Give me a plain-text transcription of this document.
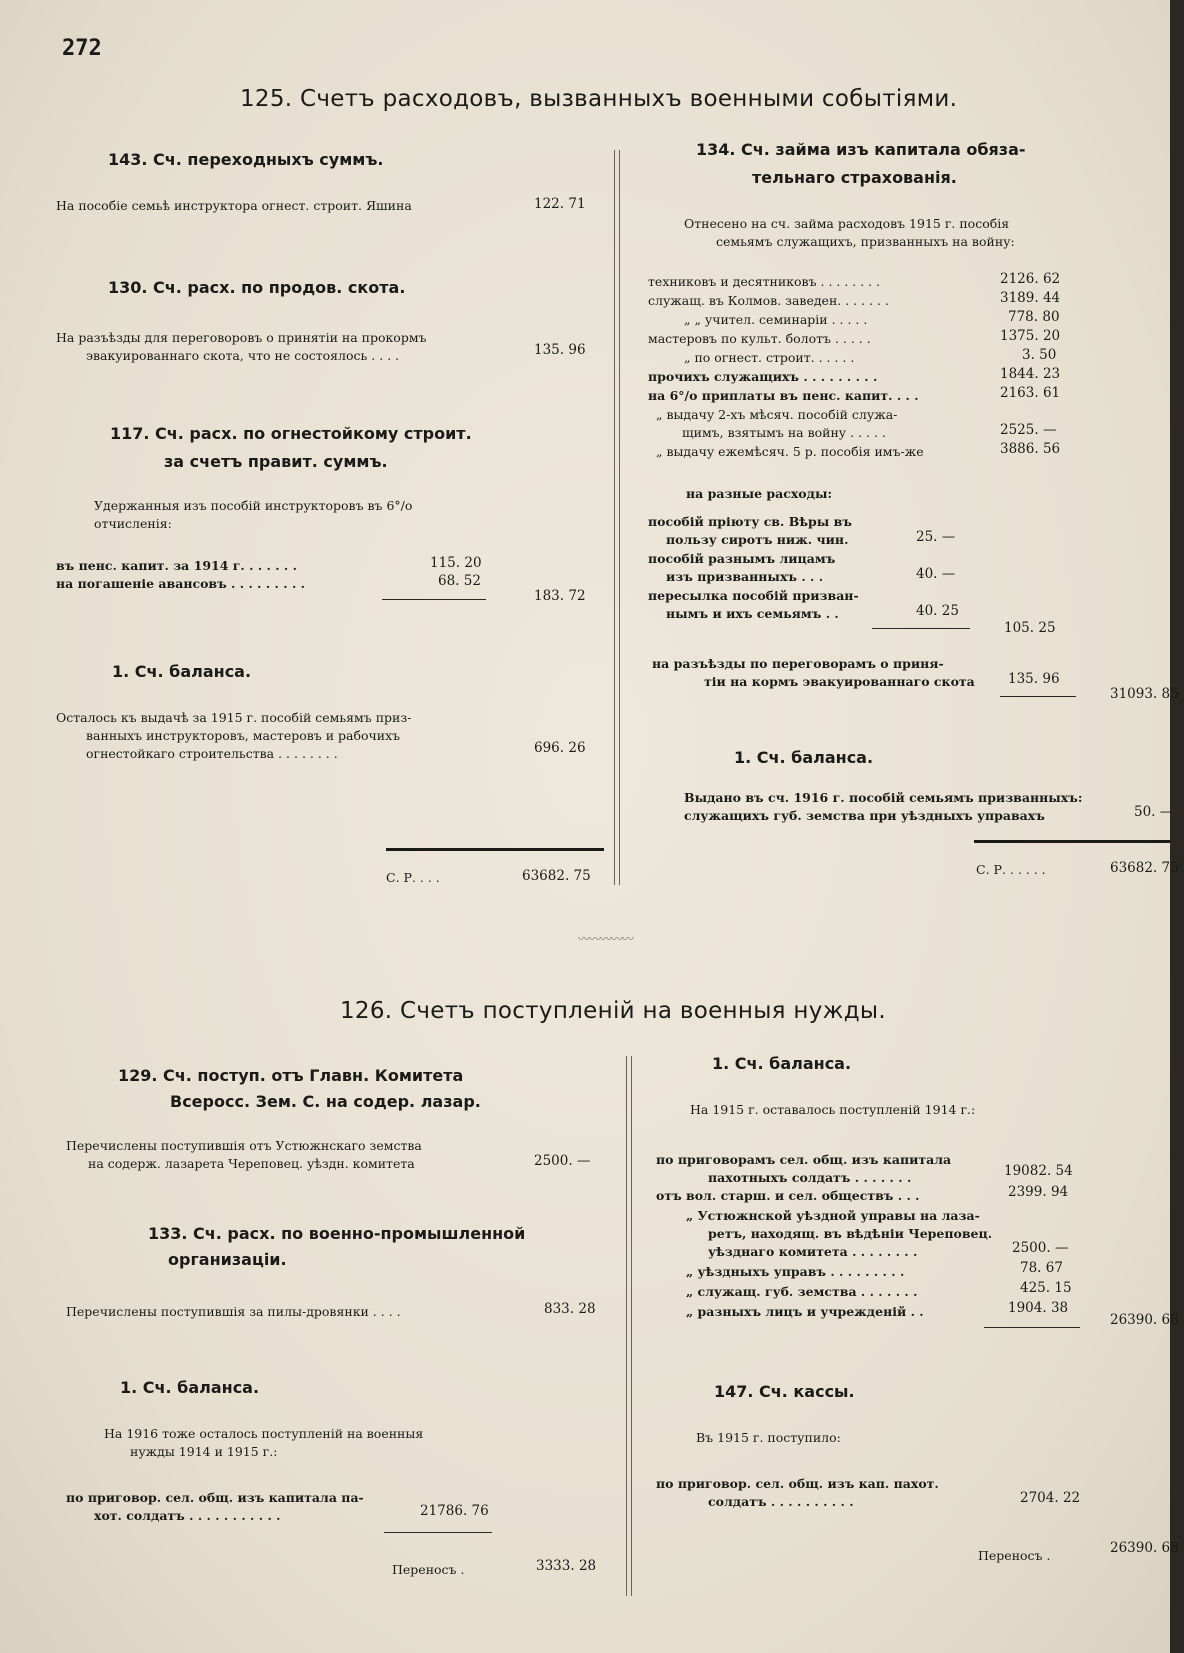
272
125. Счетъ расходовъ, вызванныхъ военными событіями.
143. Сч. переходныхъ суммъ.
На пособіе семьѣ инструктора огнест. строит. Яшина	122. 71
130. Сч. расх. по продов. скота.
На разъѣзды для переговоровъ о принятіи на прокормъ
эвакуированнаго скота, что не состоялось . . . .	135. 96
117. Сч. расх. по огнестойкому строит.
за счетъ правит. суммъ.
Удержанныя изъ пособій инструкторовъ въ 6°/о
отчисленія:
въ пенс. капит. за 1914 г. . . . . . .	115. 20
на погашеніе авансовъ . . . . . . . . .	68. 52
183. 72
1. Сч. баланса.
Осталось къ выдачѣ за 1915 г. пособій семьямъ приз-
ванныхъ инструкторовъ, мастеровъ и рабочихъ
огнестойкаго строительства . . . . . . . .	696. 26
С. Р. . . .	63682. 75
134. Сч. займа изъ капитала обяза-
тельнаго страхованія.
Отнесено на сч. займа расходовъ 1915 г. пособія
семьямъ служащихъ, призванныхъ на войну:
техниковъ и десятниковъ . . . . . . . .	2126. 62
служащ. въ Колмов. заведен. . . . . . .	3189. 44
„ „ учител. семинаріи . . . . .	778. 80
мастеровъ по культ. болотъ . . . . .	1375. 20
„ по огнест. строит. . . . . .	3. 50
прочихъ служащихъ . . . . . . . . .	1844. 23
на 6°/о приплаты въ пенс. капит. . . .	2163. 61
„ выдачу 2-хъ мѣсяч. пособій служа-
щимъ, взятымъ на войну . . . . .	2525. —
„ выдачу ежемѣсяч. 5 р. пособія имъ-же	3886. 56
на разные расходы:
пособій пріюту св. Вѣры въ
пользу сиротъ ниж. чин.	25. —
пособій разнымъ лицамъ
изъ призванныхъ . . .	40. —
пересылка пособій призван-
нымъ и ихъ семьямъ . .	40. 25
105. 25
на разъѣзды по переговорамъ о приня-
тіи на кормъ эвакуированнаго скота 135. 96
31093. 85
1. Сч. баланса.
Выдано въ сч. 1916 г. пособій семьямъ призванныхъ:
служащихъ губ. земства при уѣздныхъ управахъ	50. —
С. Р. . . . . .	63682. 75
〰〰〰〰〰
126. Счетъ поступленій на военныя нужды.
129. Сч. поступ. отъ Главн. Комитета
Всеросс. Зем. С. на содер. лазар.
Перечислены поступившія отъ Устюжнскаго земства
на содерж. лазарета Череповец. уѣздн. комитета	2500. —
133. Сч. расх. по военно-промышленной
организаціи.
Перечислены поступившія за пилы-дровянки . . . .	833. 28
1. Сч. баланса.
На 1916 тоже осталось поступленій на военныя
нужды 1914 и 1915 г.:
по приговор. сел. общ. изъ капитала па-
хот. солдатъ . . . . . . . . . . .	21786. 76
Переносъ .	3333. 28
1. Сч. баланса.
На 1915 г. оставалось поступленій 1914 г.:
по приговорамъ сел. общ. изъ капитала
пахотныхъ солдатъ . . . . . . .	19082. 54
отъ вол. старш. и сел. обществъ . . .	2399. 94
„ Устюжнской уѣздной управы на лаза-
ретъ, находящ. въ вѣдѣніи Череповец.
уѣзднаго комитета . . . . . . . .	2500. —
„ уѣздныхъ управъ . . . . . . . . .	78. 67
„ служащ. губ. земства . . . . . . .	425. 15
„ разныхъ лицъ и учрежденій . .	1904. 38
26390. 68
147. Сч. кассы.
Въ 1915 г. поступило:
по приговор. сел. общ. изъ кап. пахот.
солдатъ . . . . . . . . . .	2704. 22
Переносъ .	26390. 68
